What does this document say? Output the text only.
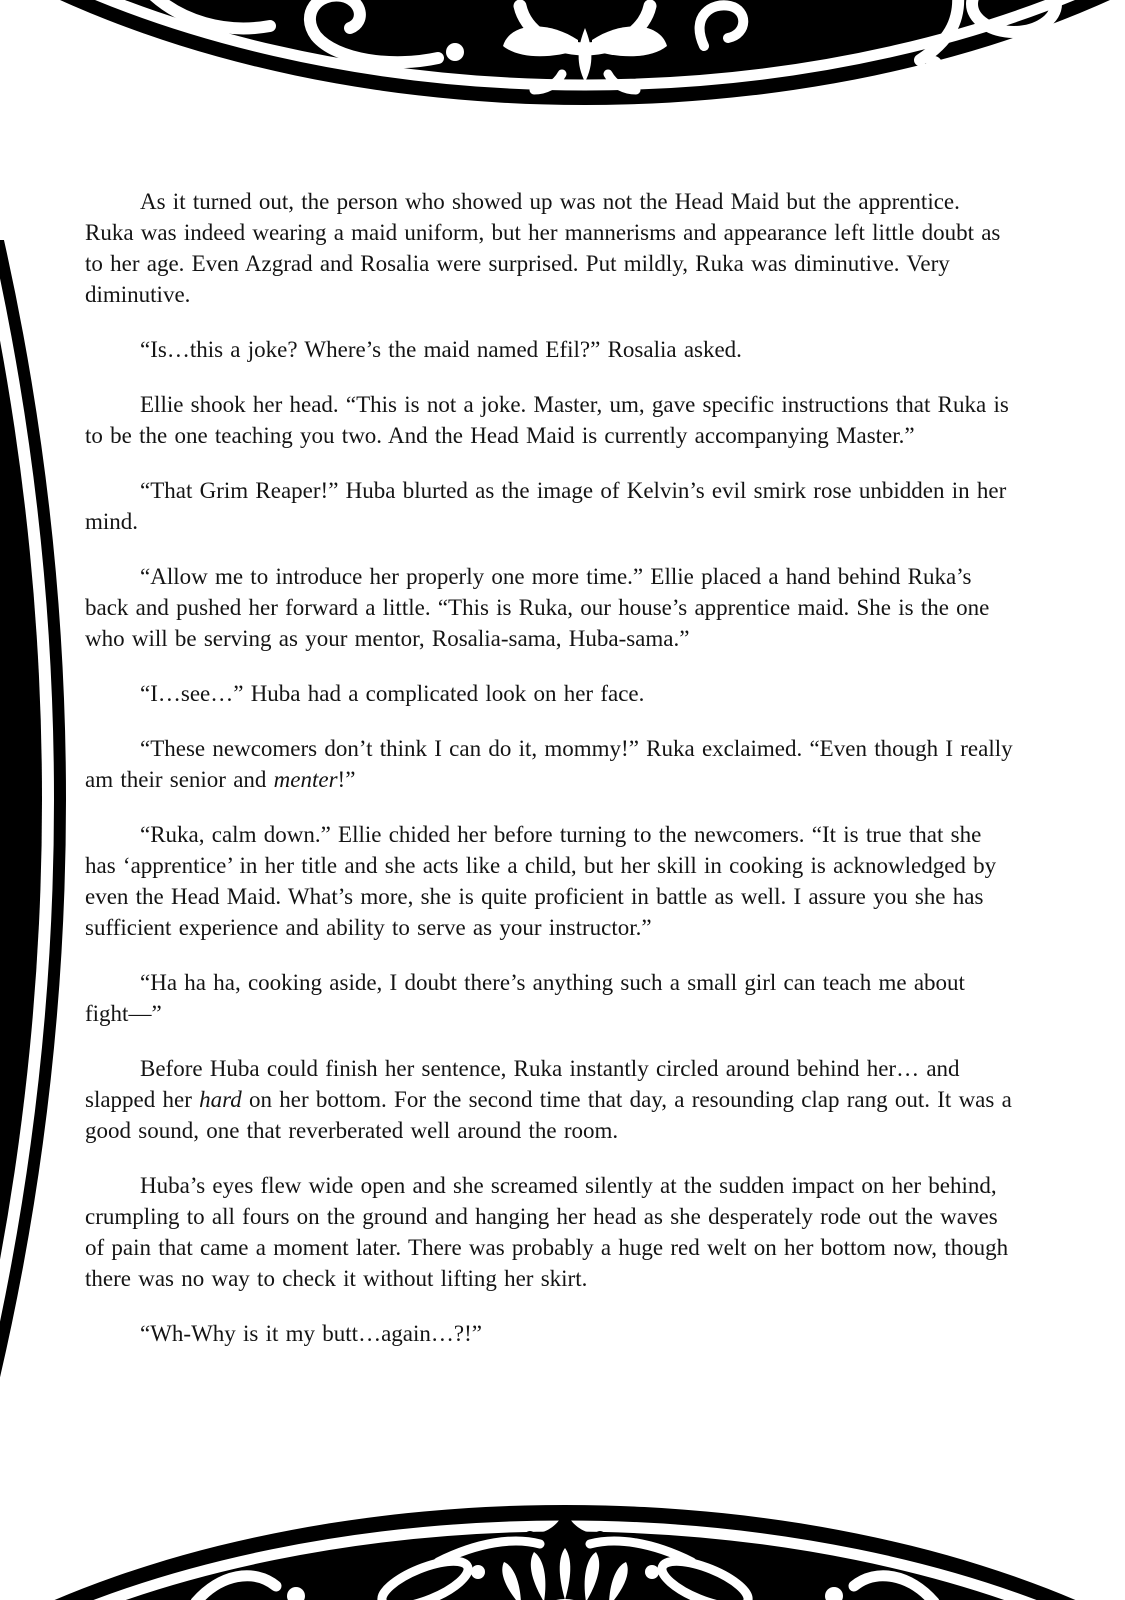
As it turned out, the person who showed up was not the Head Maid but the apprentice. Ruka was indeed wearing a maid uniform, but her mannerisms and appearance left little doubt as to her age. Even Azgrad and Rosalia were surprised. Put mildly, Ruka was diminutive. Very diminutive.

“Is…this a joke? Where’s the maid named Efil?” Rosalia asked.

Ellie shook her head. “This is not a joke. Master, um, gave specific instructions that Ruka is to be the one teaching you two. And the Head Maid is currently accompanying Master.”

“That Grim Reaper!” Huba blurted as the image of Kelvin’s evil smirk rose unbidden in her mind.

“Allow me to introduce her properly one more time.” Ellie placed a hand behind Ruka’s back and pushed her forward a little. “This is Ruka, our house’s apprentice maid. She is the one who will be serving as your mentor, Rosalia-sama, Huba-sama.”

“I…see…” Huba had a complicated look on her face.

“These newcomers don’t think I can do it, mommy!” Ruka exclaimed. “Even though I really am their senior and menter!”

“Ruka, calm down.” Ellie chided her before turning to the newcomers. “It is true that she has ‘apprentice’ in her title and she acts like a child, but her skill in cooking is acknowledged by even the Head Maid. What’s more, she is quite proficient in battle as well. I assure you she has sufficient experience and ability to serve as your instructor.”

“Ha ha ha, cooking aside, I doubt there’s anything such a small girl can teach me about fight—”

Before Huba could finish her sentence, Ruka instantly circled around behind her… and slapped her hard on her bottom. For the second time that day, a resounding clap rang out. It was a good sound, one that reverberated well around the room.

Huba’s eyes flew wide open and she screamed silently at the sudden impact on her behind, crumpling to all fours on the ground and hanging her head as she desperately rode out the waves of pain that came a moment later. There was probably a huge red welt on her bottom now, though there was no way to check it without lifting her skirt.

“Wh-Why is it my butt…again…?!”
